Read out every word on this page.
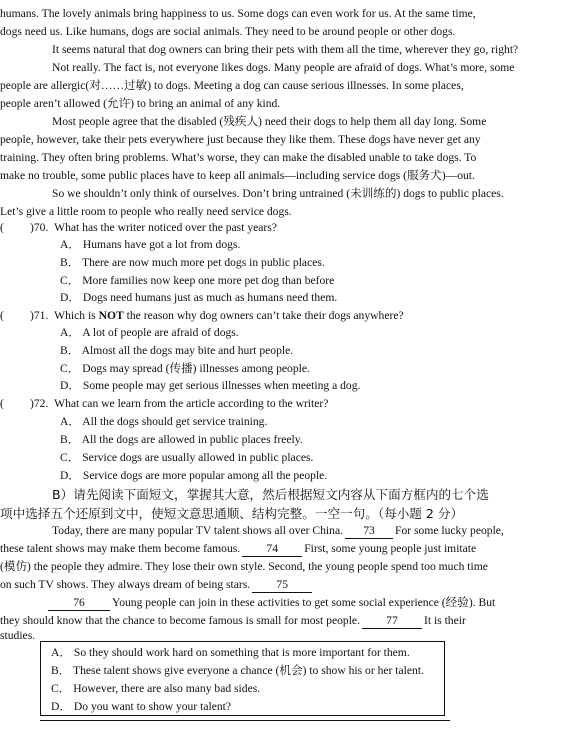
humans. The lovely animals bring happiness to us. Some dogs can even work for us. At the same time,
dogs need us. Like humans, dogs are social animals. They need to be around people or other dogs.
It seems natural that dog owners can bring their pets with them all the time, wherever they go, right?
Not really. The fact is, not everyone likes dogs. Many people are afraid of dogs. What’s more, some
people are allergic(对……过敏) to dogs. Meeting a dog can cause serious illnesses. In some places,
people aren’t allowed (允许) to bring an animal of any kind.
Most people agree that the disabled (残疾人) need their dogs to help them all day long. Some
people, however, take their pets everywhere just because they like them. These dogs have never get any
training. They often bring problems. What’s worse, they can make the disabled unable to take dogs. To
make no trouble, some public places have to keep all animals—including service dogs (服务犬)—out.
So we shouldn’t only think of ourselves. Don’t bring untrained (未训练的) dogs to public places.
Let’s give a little room to people who really need service dogs.
(	)70.
What has the writer noticed over the past years?
A． Humans have got a lot from dogs.
B． There are now much more pet dogs in public places.
C． More families now keep one more pet dog than before
D． Dogs need humans just as much as humans need them.
(	)71.
Which is
NOT
the reason why dog owners can’t take their dogs anywhere?
A． A lot of people are afraid of dogs.
B． Almost all the dogs may bite and hurt people.
C． Dogs may spread (传播) illnesses among people.
D． Some people may get serious illnesses when meeting a dog.
(	)72.
What can we learn from the article according to the writer?
A． All the dogs should get service training.
B． All the dogs are allowed in public places freely.
C． Service dogs are usually allowed in public places.
D． Service dogs are more popular among all the people.
B）请先阅读下面短文，掌握其大意，然后根据短文内容从下面方框内的七个选
项中选择五个还原到文中，使短文意思通顺、结构完整。一空一句。（每小题 2 分）
Today, there are many popular TV talent shows all over China.	73	For some lucky people,
these talent shows may make them become famous.	74	First, some young people just imitate
(模仿) the people they admire. They lose their own style. Second, the young people spend too much time
on such TV shows. They always dream of being stars.	75
76	Young people can join in these activities to get some social experience (经验). But
they should know that the chance to become famous is small for most people.	77	It is their
studies.
A． So they should work hard on something that is more important for them.
B． These talent shows give everyone a chance (机会) to show his or her talent.
C． However, there are also many bad sides.
D． Do you want to show your talent?
